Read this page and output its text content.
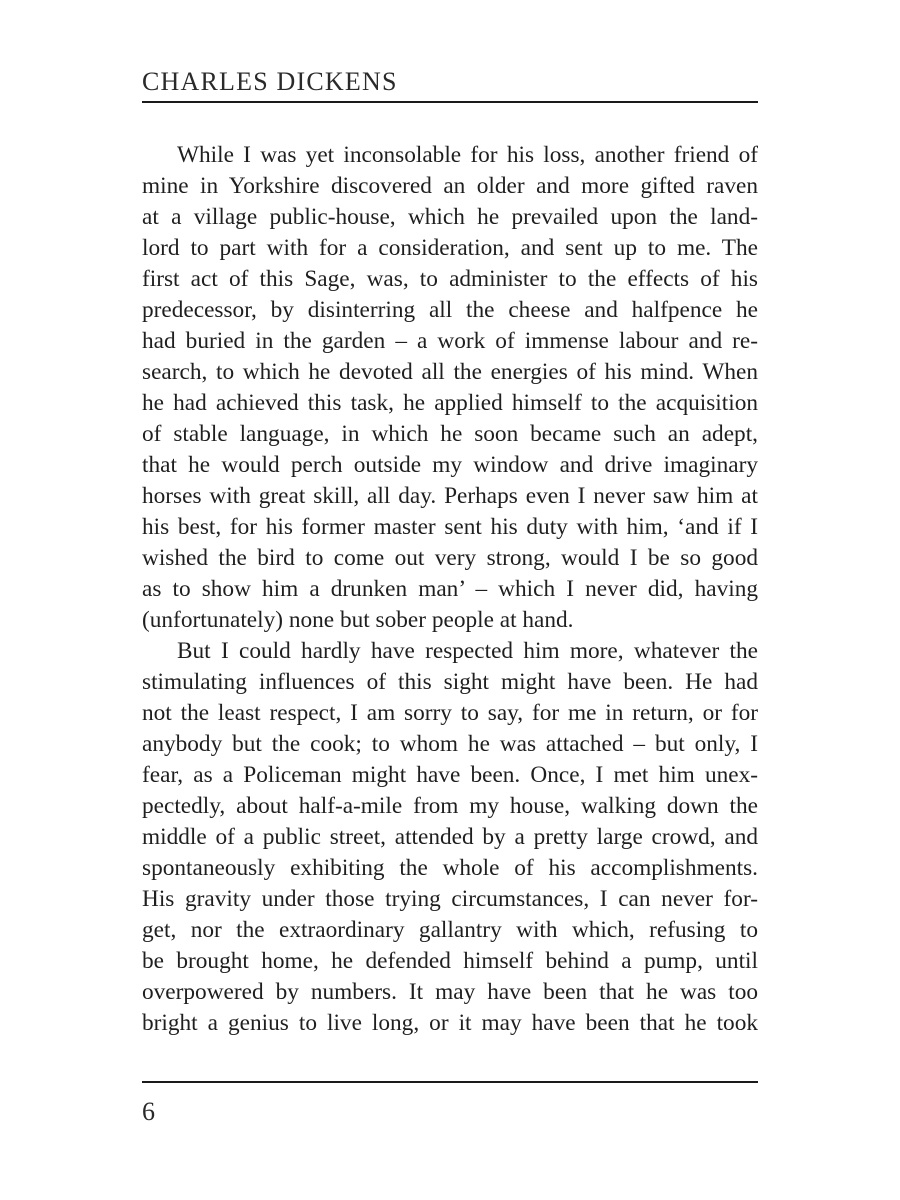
CHARLES DICKENS
While I was yet inconsolable for his loss, another friend of
mine in Yorkshire discovered an older and more gifted raven
at a village public-house, which he prevailed upon the land-
lord to part with for a consideration, and sent up to me. The
first act of this Sage, was, to administer to the effects of his
predecessor, by disinterring all the cheese and halfpence he
had buried in the garden – a work of immense labour and re-
search, to which he devoted all the energies of his mind. When
he had achieved this task, he applied himself to the acquisition
of stable language, in which he soon became such an adept,
that he would perch outside my window and drive imaginary
horses with great skill, all day. Perhaps even I never saw him at
his best, for his former master sent his duty with him, ‘and if I
wished the bird to come out very strong, would I be so good
as to show him a drunken man’ – which I never did, having
(unfortunately) none but sober people at hand.
But I could hardly have respected him more, whatever the
stimulating influences of this sight might have been. He had
not the least respect, I am sorry to say, for me in return, or for
anybody but the cook; to whom he was attached – but only, I
fear, as a Policeman might have been. Once, I met him unex-
pectedly, about half-a-mile from my house, walking down the
middle of a public street, attended by a pretty large crowd, and
spontaneously exhibiting the whole of his accomplishments.
His gravity under those trying circumstances, I can never for-
get, nor the extraordinary gallantry with which, refusing to
be brought home, he defended himself behind a pump, until
overpowered by numbers. It may have been that he was too
bright a genius to live long, or it may have been that he took
6
